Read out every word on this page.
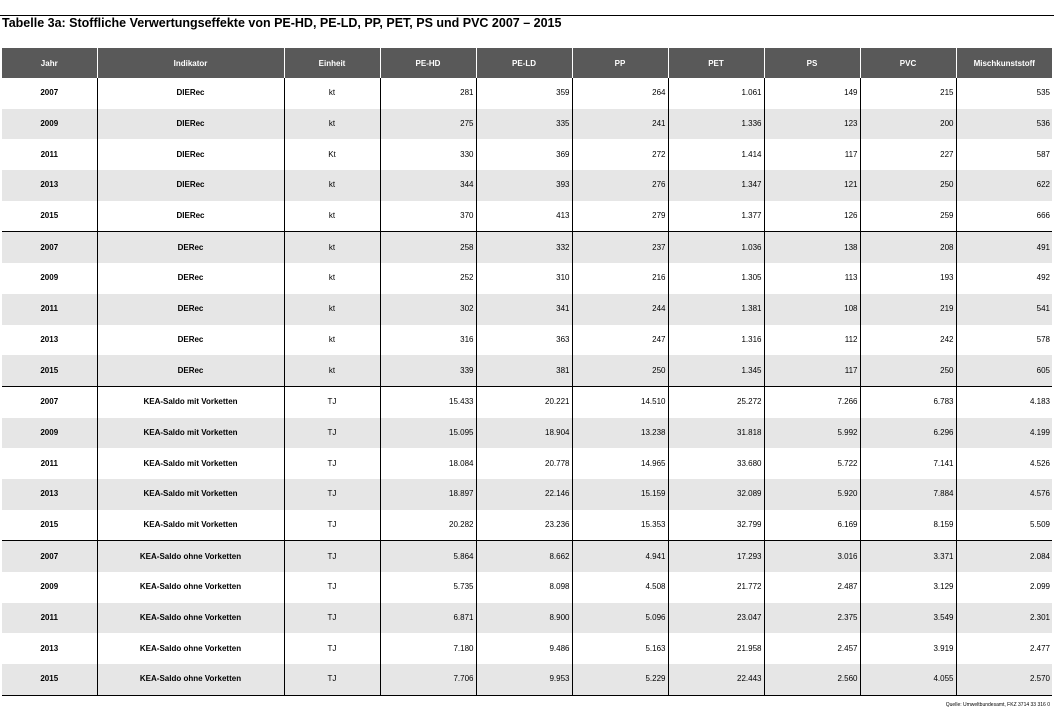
Tabelle 3a: Stoffliche Verwertungseffekte von PE-HD, PE-LD, PP, PET, PS und PVC 2007 – 2015
Jahr	Indikator	Einheit	PE-HD	PE-LD	PP	PET	PS	PVC	Mischkunststoff
2007	DIERec	kt	281	359	264	1.061	149	215	535
2009	DIERec	kt	275	335	241	1.336	123	200	536
2011	DIERec	Kt	330	369	272	1.414	117	227	587
2013	DIERec	kt	344	393	276	1.347	121	250	622
2015	DIERec	kt	370	413	279	1.377	126	259	666
2007	DERec	kt	258	332	237	1.036	138	208	491
2009	DERec	kt	252	310	216	1.305	113	193	492
2011	DERec	kt	302	341	244	1.381	108	219	541
2013	DERec	kt	316	363	247	1.316	112	242	578
2015	DERec	kt	339	381	250	1.345	117	250	605
2007	KEA-Saldo mit Vorketten	TJ	15.433	20.221	14.510	25.272	7.266	6.783	4.183
2009	KEA-Saldo mit Vorketten	TJ	15.095	18.904	13.238	31.818	5.992	6.296	4.199
2011	KEA-Saldo mit Vorketten	TJ	18.084	20.778	14.965	33.680	5.722	7.141	4.526
2013	KEA-Saldo mit Vorketten	TJ	18.897	22.146	15.159	32.089	5.920	7.884	4.576
2015	KEA-Saldo mit Vorketten	TJ	20.282	23.236	15.353	32.799	6.169	8.159	5.509
2007	KEA-Saldo ohne Vorketten	TJ	5.864	8.662	4.941	17.293	3.016	3.371	2.084
2009	KEA-Saldo ohne Vorketten	TJ	5.735	8.098	4.508	21.772	2.487	3.129	2.099
2011	KEA-Saldo ohne Vorketten	TJ	6.871	8.900	5.096	23.047	2.375	3.549	2.301
2013	KEA-Saldo ohne Vorketten	TJ	7.180	9.486	5.163	21.958	2.457	3.919	2.477
2015	KEA-Saldo ohne Vorketten	TJ	7.706	9.953	5.229	22.443	2.560	4.055	2.570
Quelle: Umweltbundesamt, FKZ 3714 33 316 0
